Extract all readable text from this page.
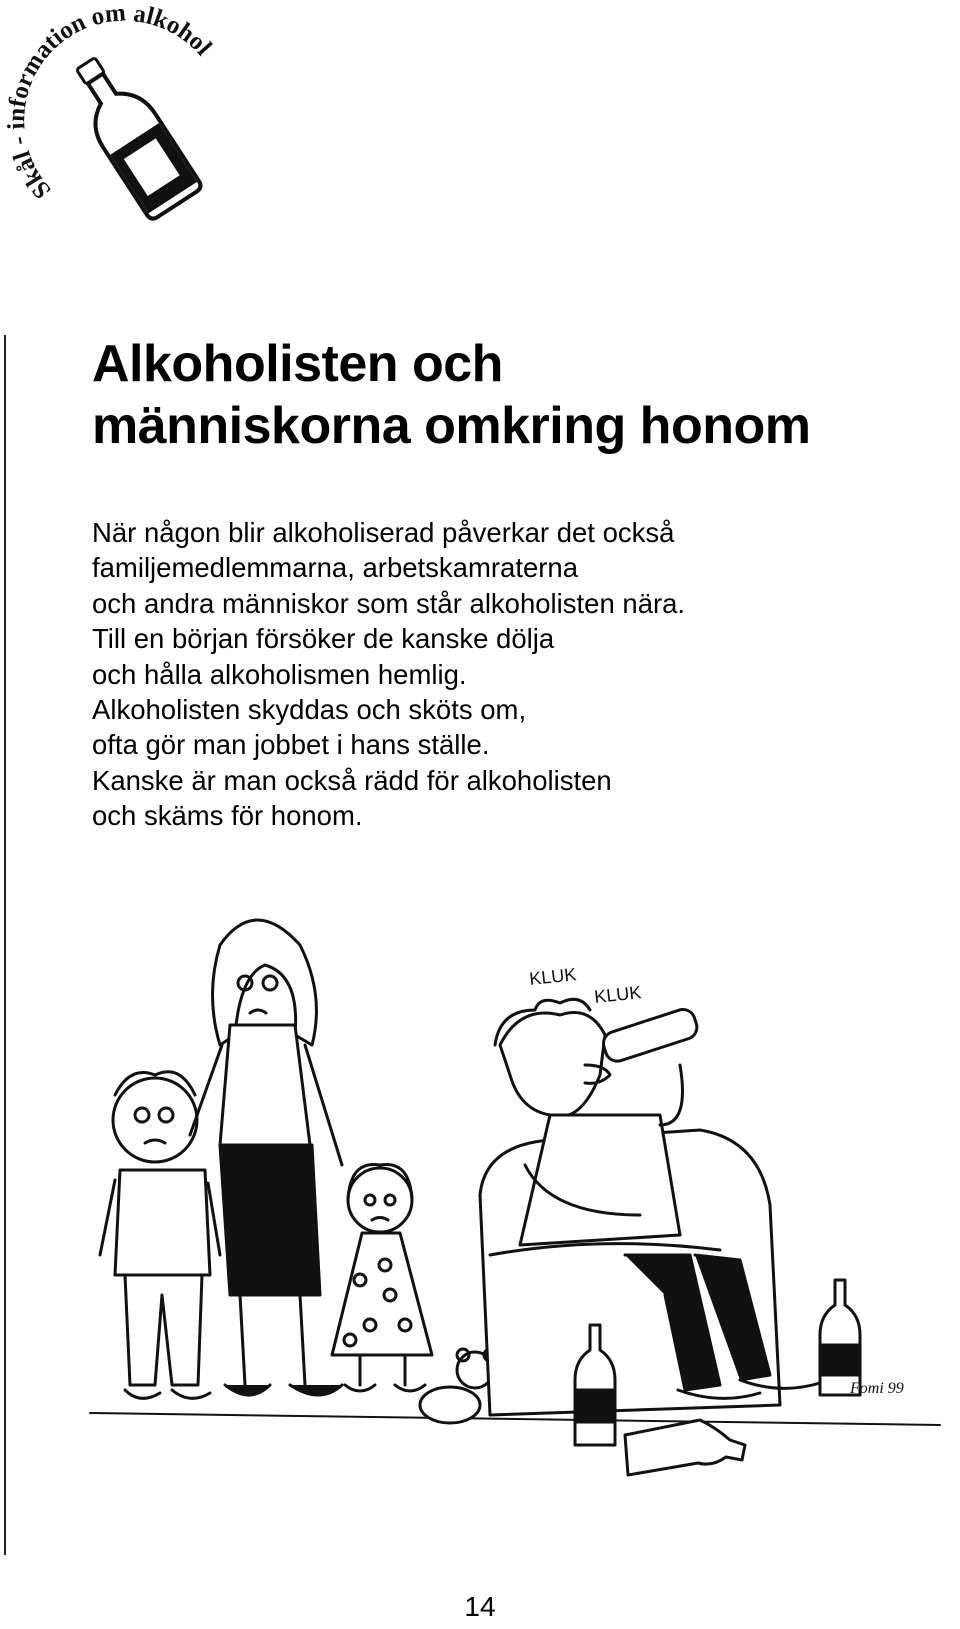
Skål - information om alkohol
Alkoholisten och
människorna omkring honom

När någon blir alkoholiserad påverkar det också
familjemedlemmarna, arbetskamraterna
och andra människor som står alkoholisten nära.
Till en början försöker de kanske dölja
och hålla alkoholismen hemlig.
Alkoholisten skyddas och sköts om,
ofta gör man jobbet i hans ställe.
Kanske är man också rädd för alkoholisten
och skäms för honom.

KLUK
KLUK
Fomi 99
14
